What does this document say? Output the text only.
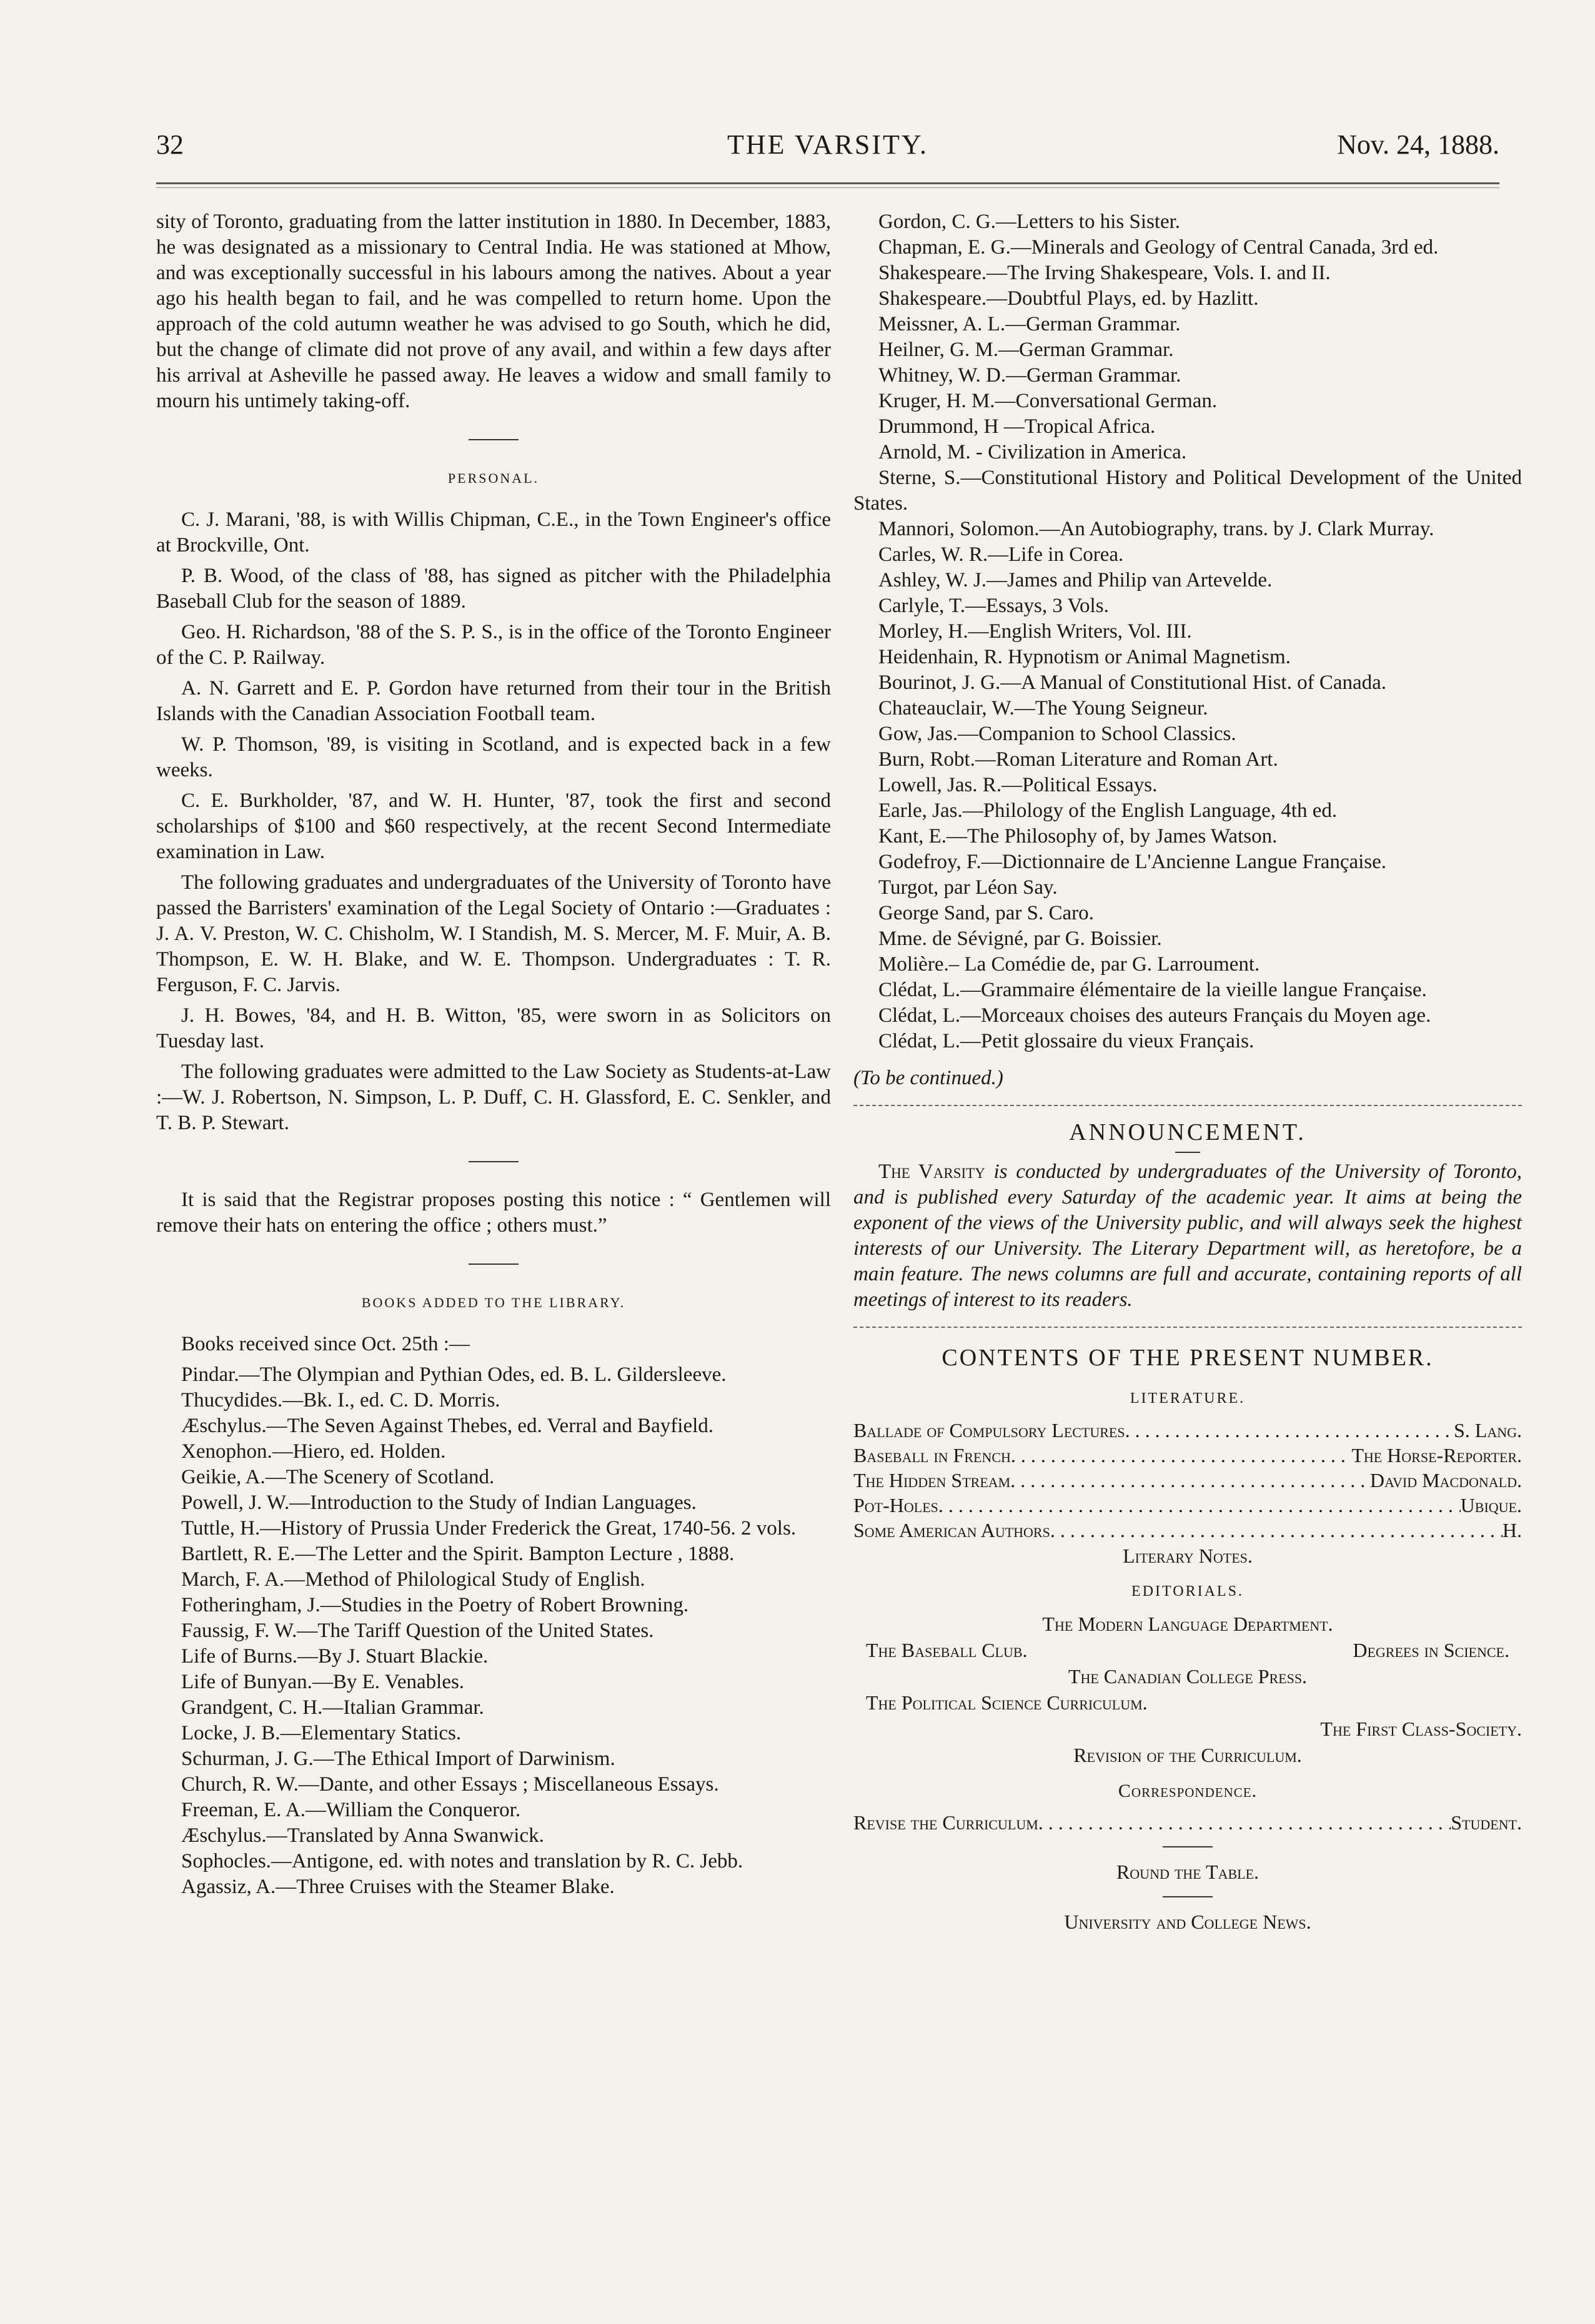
32	THE VARSITY.	Nov. 24, 1888.

sity of Toronto, graduating from the latter institution in 1880. In December, 1883, he was designated as a missionary to Central India. He was stationed at Mhow, and was exceptionally successful in his labours among the natives. About a year ago his health began to fail, and he was compelled to return home. Upon the approach of the cold autumn weather he was advised to go South, which he did, but the change of climate did not prove of any avail, and within a few days after his arrival at Asheville he passed away. He leaves a widow and small family to mourn his untimely taking-off.

PERSONAL.

C. J. Marani, '88, is with Willis Chipman, C.E., in the Town Engineer's office at Brockville, Ont.

P. B. Wood, of the class of '88, has signed as pitcher with the Philadelphia Baseball Club for the season of 1889.

Geo. H. Richardson, '88 of the S. P. S., is in the office of the Toronto Engineer of the C. P. Railway.

A. N. Garrett and E. P. Gordon have returned from their tour in the British Islands with the Canadian Association Football team.

W. P. Thomson, '89, is visiting in Scotland, and is expected back in a few weeks.

C. E. Burkholder, '87, and W. H. Hunter, '87, took the first and second scholarships of $100 and $60 respectively, at the recent Second Intermediate examination in Law.

The following graduates and undergraduates of the University of Toronto have passed the Barristers' examination of the Legal Society of Ontario :—Graduates : J. A. V. Preston, W. C. Chisholm, W. I Standish, M. S. Mercer, M. F. Muir, A. B. Thompson, E. W. H. Blake, and W. E. Thompson. Undergraduates : T. R. Ferguson, F. C. Jarvis.

J. H. Bowes, '84, and H. B. Witton, '85, were sworn in as Solicitors on Tuesday last.

The following graduates were admitted to the Law Society as Students-at-Law :—W. J. Robertson, N. Simpson, L. P. Duff, C. H. Glassford, E. C. Senkler, and T. B. P. Stewart.

It is said that the Registrar proposes posting this notice : “ Gentlemen will remove their hats on entering the office ; others must.”

BOOKS ADDED TO THE LIBRARY.

Books received since Oct. 25th :—

Pindar.—The Olympian and Pythian Odes, ed. B. L. Gildersleeve.

Thucydides.—Bk. I., ed. C. D. Morris.

Æschylus.—The Seven Against Thebes, ed. Verral and Bayfield.

Xenophon.—Hiero, ed. Holden.

Geikie, A.—The Scenery of Scotland.

Powell, J. W.—Introduction to the Study of Indian Languages.

Tuttle, H.—History of Prussia Under Frederick the Great, 1740-56. 2 vols.

Bartlett, R. E.—The Letter and the Spirit. Bampton Lecture , 1888.

March, F. A.—Method of Philological Study of English.

Fotheringham, J.—Studies in the Poetry of Robert Browning.

Faussig, F. W.—The Tariff Question of the United States.

Life of Burns.—By J. Stuart Blackie.

Life of Bunyan.—By E. Venables.

Grandgent, C. H.—Italian Grammar.

Locke, J. B.—Elementary Statics.

Schurman, J. G.—The Ethical Import of Darwinism.

Church, R. W.—Dante, and other Essays ; Miscellaneous Essays.

Freeman, E. A.—William the Conqueror.

Æschylus.—Translated by Anna Swanwick.

Sophocles.—Antigone, ed. with notes and translation by R. C. Jebb.

Agassiz, A.—Three Cruises with the Steamer Blake.

Gordon, C. G.—Letters to his Sister.

Chapman, E. G.—Minerals and Geology of Central Canada, 3rd ed.

Shakespeare.—The Irving Shakespeare, Vols. I. and II.

Shakespeare.—Doubtful Plays, ed. by Hazlitt.

Meissner, A. L.—German Grammar.

Heilner, G. M.—German Grammar.

Whitney, W. D.—German Grammar.

Kruger, H. M.—Conversational German.

Drummond, H —Tropical Africa.

Arnold, M. - Civilization in America.

Sterne, S.—Constitutional History and Political Development of the United States.

Mannori, Solomon.—An Autobiography, trans. by J. Clark Murray.

Carles, W. R.—Life in Corea.

Ashley, W. J.—James and Philip van Artevelde.

Carlyle, T.—Essays, 3 Vols.

Morley, H.—English Writers, Vol. III.

Heidenhain, R. Hypnotism or Animal Magnetism.

Bourinot, J. G.—A Manual of Constitutional Hist. of Canada.

Chateauclair, W.—The Young Seigneur.

Gow, Jas.—Companion to School Classics.

Burn, Robt.—Roman Literature and Roman Art.

Lowell, Jas. R.—Political Essays.

Earle, Jas.—Philology of the English Language, 4th ed.

Kant, E.—The Philosophy of, by James Watson.

Godefroy, F.—Dictionnaire de L'Ancienne Langue Française.

Turgot, par Léon Say.

George Sand, par S. Caro.

Mme. de Sévigné, par G. Boissier.

Molière.– La Comédie de, par G. Larroument.

Clédat, L.—Grammaire élémentaire de la vieille langue Française.

Clédat, L.—Morceaux choises des auteurs Français du Moyen age.

Clédat, L.—Petit glossaire du vieux Français.

(To be continued.)

ANNOUNCEMENT.

The Varsity is conducted by undergraduates of the University of Toronto, and is published every Saturday of the academic year. It aims at being the exponent of the views of the University public, and will always seek the highest interests of our University. The Literary Department will, as heretofore, be a main feature. The news columns are full and accurate, containing reports of all meetings of interest to its readers.

CONTENTS OF THE PRESENT NUMBER.
LITERATURE.
Ballade of Compulsory Lectures . . .	S. Lang.
Baseball in French . . .	The Horse-Reporter.
The Hidden Stream . . .	David Macdonald.
Pot-Holes . . .	Ubique.
Some American Authors . . .	H.
Literary Notes.
EDITORIALS.
The Modern Language Department.
The Baseball Club.	Degrees in Science.
The Canadian College Press.
The Political Science Curriculum.
The First Class-Society.
Revision of the Curriculum.
Correspondence.
Revise the Curriculum . . .	Student.
Round the Table.
University and College News.
